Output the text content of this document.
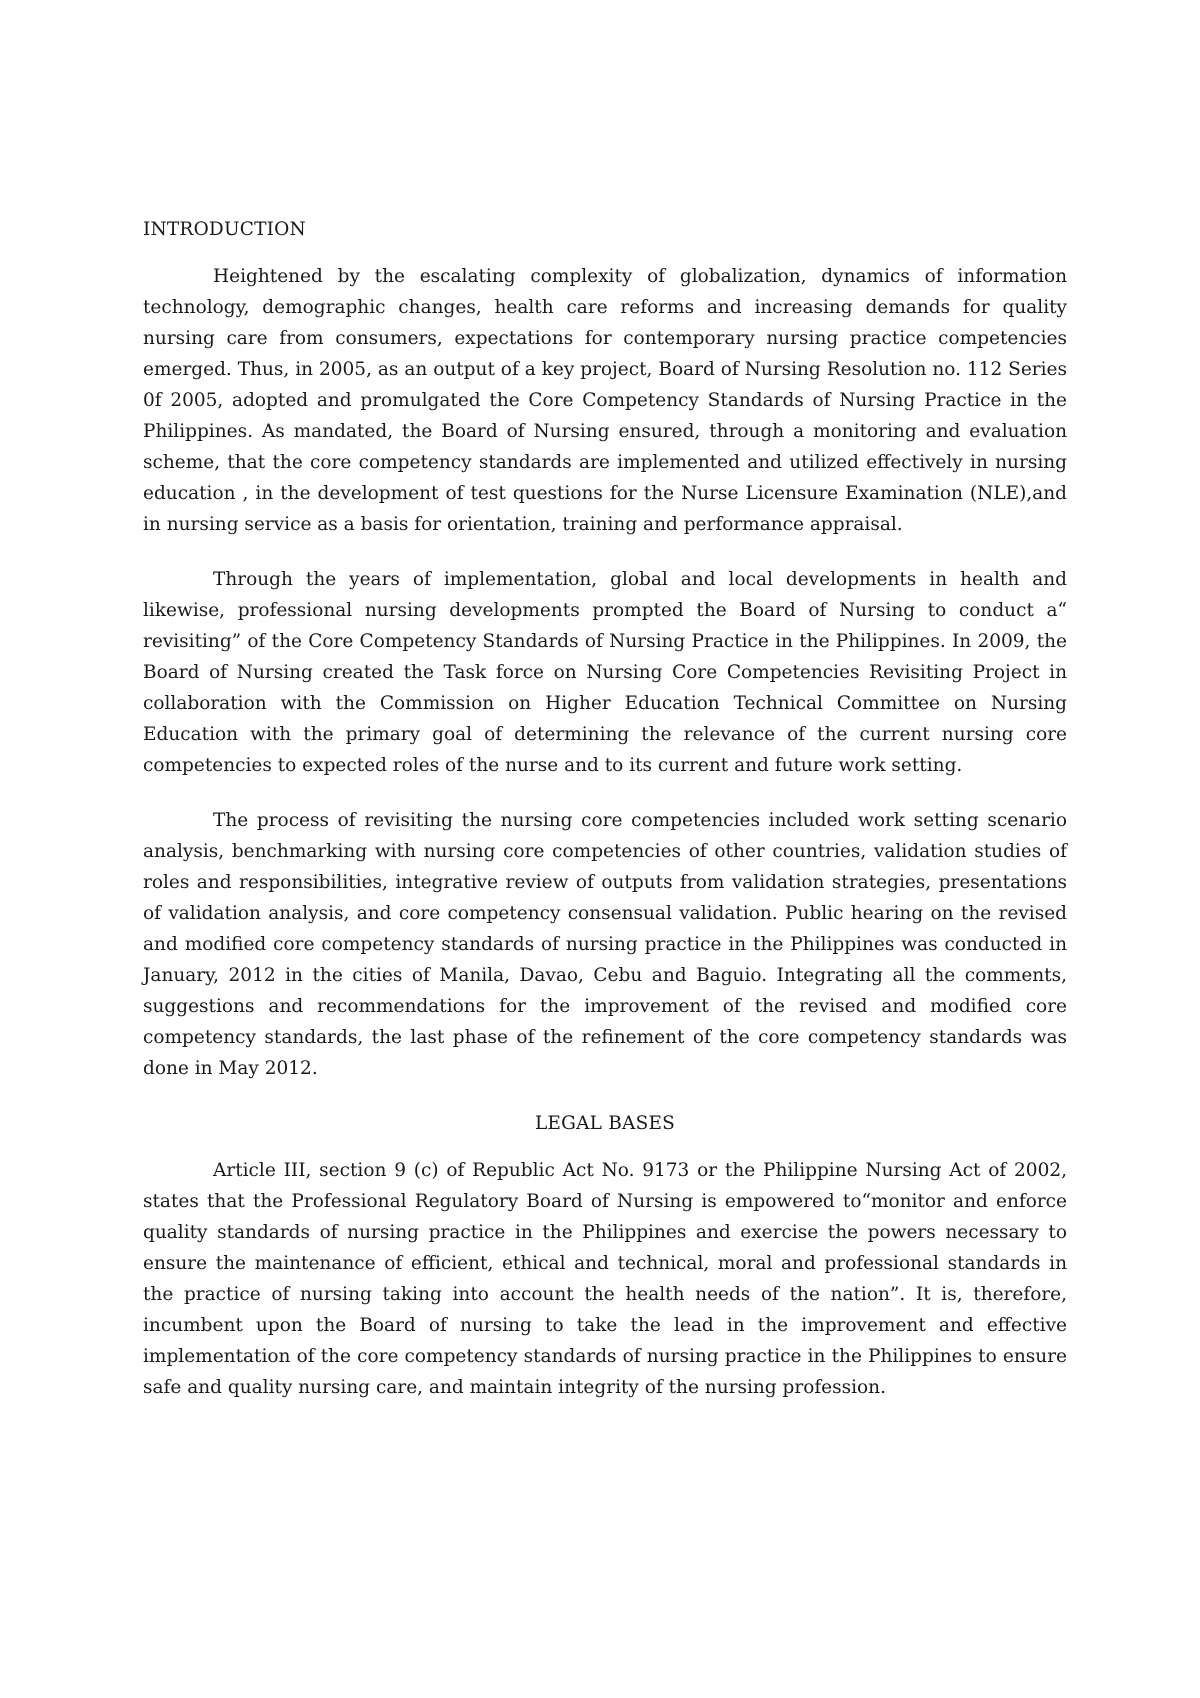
INTRODUCTION

Heightened by the escalating complexity of globalization, dynamics of information technology, demographic changes, health care reforms and increasing demands for quality nursing care from consumers, expectations for contemporary nursing practice competencies emerged. Thus, in 2005, as an output of a key project, Board of Nursing Resolution no. 112 Series 0f 2005, adopted and promulgated the Core Competency Standards of Nursing Practice in the Philippines. As mandated, the Board of Nursing ensured, through a monitoring and evaluation scheme, that the core competency standards are implemented and utilized effectively in nursing education , in the development of test questions for the Nurse Licensure Examination (NLE),and in nursing service as a basis for orientation, training and performance appraisal.

Through the years of implementation, global and local developments in health and likewise, professional nursing developments prompted the Board of Nursing to conduct a“ revisiting” of the Core Competency Standards of Nursing Practice in the Philippines. In 2009, the Board of Nursing created the Task force on Nursing Core Competencies Revisiting Project in collaboration with the Commission on Higher Education Technical Committee on Nursing Education with the primary goal of determining the relevance of the current nursing core competencies to expected roles of the nurse and to its current and future work setting.

The process of revisiting the nursing core competencies included work setting scenario analysis, benchmarking with nursing core competencies of other countries, validation studies of roles and responsibilities, integrative review of outputs from validation strategies, presentations of validation analysis, and core competency consensual validation. Public hearing on the revised and modified core competency standards of nursing practice in the Philippines was conducted in January, 2012 in the cities of Manila, Davao, Cebu and Baguio. Integrating all the comments, suggestions and recommendations for the improvement of the revised and modified core competency standards, the last phase of the refinement of the core competency standards was done in May 2012.

LEGAL BASES

Article III, section 9 (c) of Republic Act No. 9173 or the Philippine Nursing Act of 2002, states that the Professional Regulatory Board of Nursing is empowered to“monitor and enforce quality standards of nursing practice in the Philippines and exercise the powers necessary to ensure the maintenance of efficient, ethical and technical, moral and professional standards in the practice of nursing taking into account the health needs of the nation”. It is, therefore, incumbent upon the Board of nursing to take the lead in the improvement and effective implementation of the core competency standards of nursing practice in the Philippines to ensure safe and quality nursing care, and maintain integrity of the nursing profession.
